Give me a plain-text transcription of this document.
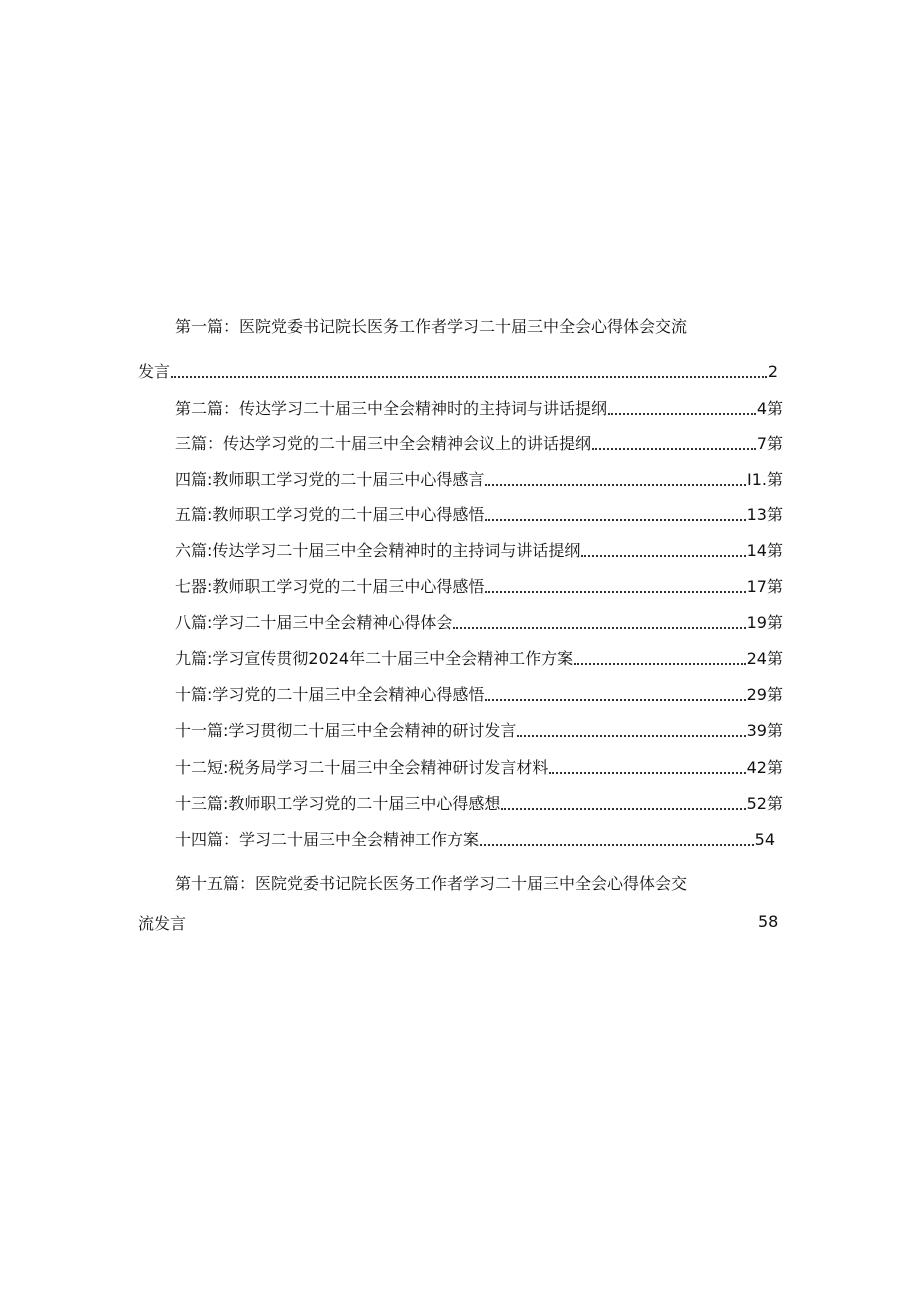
第一篇：医院党委书记院长医务工作者学习二十届三中全会心得体会交流
发言	2
第二篇：传达学习二十届三中全会精神时的主持词与讲话提纲	4第
三篇：传达学习党的二十届三中全会精神会议上的讲话提纲	7第
四篇:教师职工学习党的二十届三中心得感言	I1.第
五篇:教师职工学习党的二十届三中心得感悟	13第
六篇:传达学习二十届三中全会精神时的主持词与讲话提纲	14第
七器:教师职工学习党的二十届三中心得感悟	17第
八篇:学习二十届三中全会精神心得体会	19第
九篇:学习宣传贯彻2024年二十届三中全会精神工作方案	24第
十篇:学习党的二十届三中全会精神心得感悟	29第
十一篇:学习贯彻二十届三中全会精神的研讨发言	39第
十二短:税务局学习二十届三中全会精神研讨发言材料	42第
十三篇:教师职工学习党的二十届三中心得感想	52第
十四篇：学习二十届三中全会精神工作方案	54
第十五篇：医院党委书记院长医务工作者学习二十届三中全会心得体会交
流发言	58
